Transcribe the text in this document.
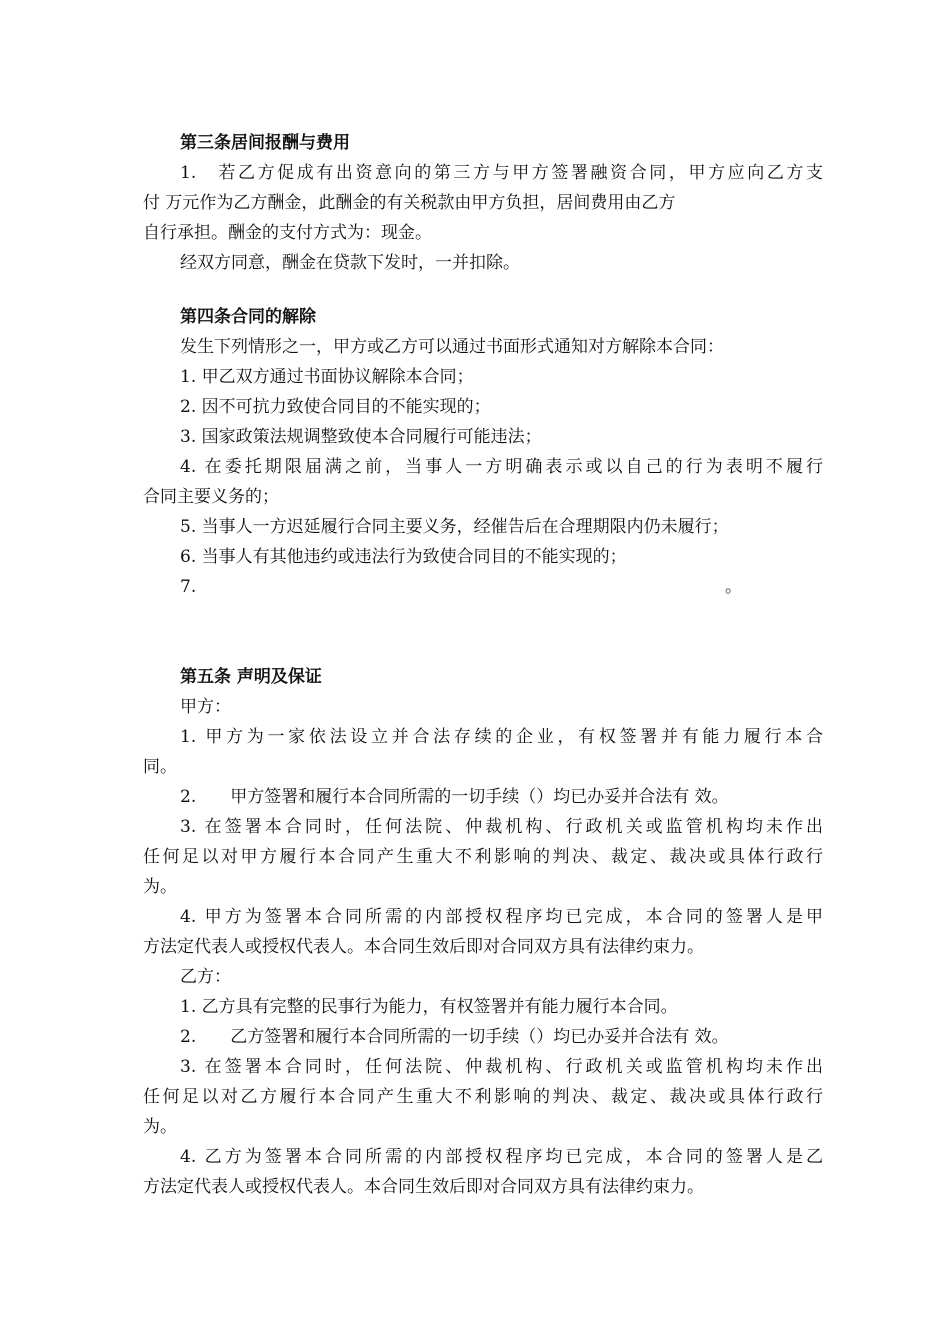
第三条居间报酬与费用
1.　若乙方促成有出资意向的第三方与甲方签署融资合同，甲方应向乙方支
付 万元作为乙方酬金，此酬金的有关税款由甲方负担，居间费用由乙方
自行承担。酬金的支付方式为：现金。
经双方同意，酬金在贷款下发时，一并扣除。
第四条合同的解除
发生下列情形之一，甲方或乙方可以通过书面形式通知对方解除本合同：
1. 甲乙双方通过书面协议解除本合同；
2. 因不可抗力致使合同目的不能实现的；
3. 国家政策法规调整致使本合同履行可能违法；
4. 在委托期限届满之前，当事人一方明确表示或以自己的行为表明不履行
合同主要义务的；
5. 当事人一方迟延履行合同主要义务，经催告后在合理期限内仍未履行；
6. 当事人有其他违约或违法行为致使合同目的不能实现的；
7.	。
第五条 声明及保证
甲方：
1. 甲方为一家依法设立并合法存续的企业，有权签署并有能力履行本合
同。
2.　　甲方签署和履行本合同所需的一切手续（）均已办妥并合法有 效。
3. 在签署本合同时，任何法院、仲裁机构、行政机关或监管机构均未作出
任何足以对甲方履行本合同产生重大不利影响的判决、裁定、裁决或具体行政行
为。
4. 甲方为签署本合同所需的内部授权程序均已完成，本合同的签署人是甲
方法定代表人或授权代表人。本合同生效后即对合同双方具有法律约束力。
乙方：
1. 乙方具有完整的民事行为能力，有权签署并有能力履行本合同。
2.　　乙方签署和履行本合同所需的一切手续（）均已办妥并合法有 效。
3. 在签署本合同时，任何法院、仲裁机构、行政机关或监管机构均未作出
任何足以对乙方履行本合同产生重大不利影响的判决、裁定、裁决或具体行政行
为。
4. 乙方为签署本合同所需的内部授权程序均已完成，本合同的签署人是乙
方法定代表人或授权代表人。本合同生效后即对合同双方具有法律约束力。
